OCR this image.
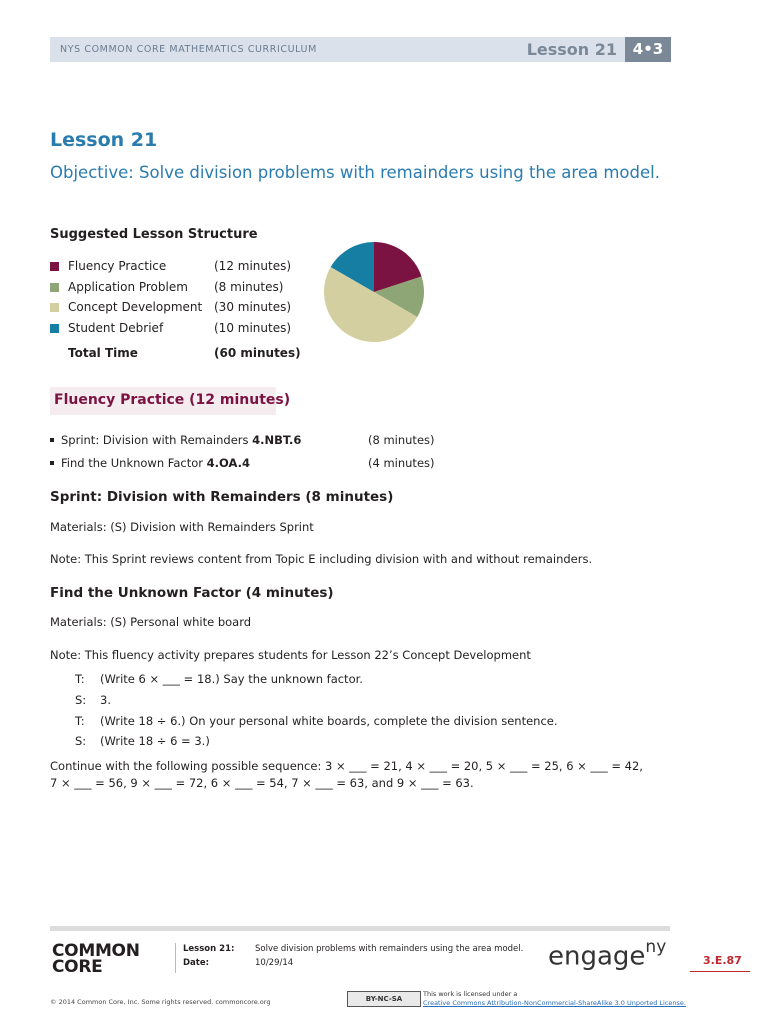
NYS COMMON CORE MATHEMATICS CURRICULUM	Lesson 21	4•3
Lesson 21
Objective: Solve division problems with remainders using the area model.
Suggested Lesson Structure
Fluency Practice	(12 minutes)
Application Problem (8 minutes)
Concept Development (30 minutes)
Student Debrief	(10 minutes)
Total Time	(60 minutes)
Fluency Practice (12 minutes)
Sprint: Division with Remainders 4.NBT.6	(8 minutes)
Find the Unknown Factor 4.OA.4	(4 minutes)
Sprint: Division with Remainders (8 minutes)
Materials: (S) Division with Remainders Sprint
Note: This Sprint reviews content from Topic E including division with and without remainders.
Find the Unknown Factor (4 minutes)
Materials: (S) Personal white board
Note: This fluency activity prepares students for Lesson 22’s Concept Development
T: (Write 6 × ___ = 18.) Say the unknown factor.
S: 3.
T: (Write 18 ÷ 6.) On your personal white boards, complete the division sentence.
S: (Write 18 ÷ 6 = 3.)
Continue with the following possible sequence: 3 × ___ = 21, 4 × ___ = 20, 5 × ___ = 25, 6 × ___ = 42,
7 × ___ = 56, 9 × ___ = 72, 6 × ___ = 54, 7 × ___ = 63, and 9 × ___ = 63.
COMMON
CORE
Lesson 21: Solve division problems with remainders using the area model.
Date:	10/29/14	engage$^{ny}$
3.E.87
© 2014 Common Core, Inc. Some rights reserved. commoncore.org	BY-NC-SA
This work is licensed under a
Creative Commons Attribution-NonCommercial-ShareAlike 3.0 Unported License.
